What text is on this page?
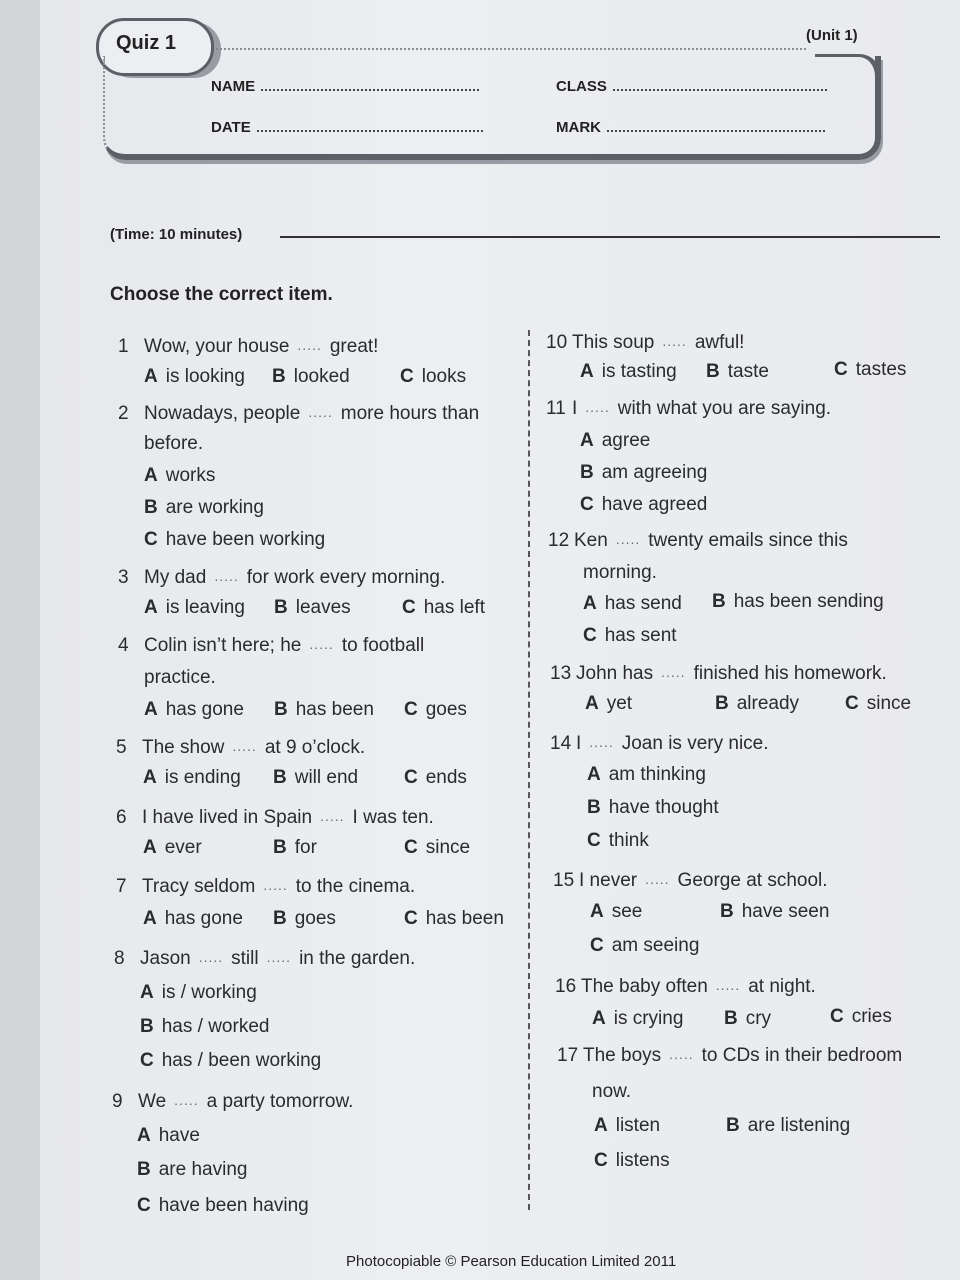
Quiz 1	(Unit 1)
NAME	CLASS
DATE	MARK
(Time: 10 minutes)
Choose the correct item.
1 Wow, your house ..... great!
A is looking B looked	C looks
2 Nowadays, people ..... more hours than
before.
A works
B are working
C have been working
3 My dad ..... for work every morning.
A is leaving B leaves	C has left
4 Colin isn’t here; he ..... to football
practice.
A has gone B has been C goes
5 The show ..... at 9 o’clock.
A is ending B will end C ends
6 I have lived in Spain ..... I was ten.
A ever	B for	C since
7 Tracy seldom ..... to the cinema.
A has gone B goes	C has been
8 Jason ..... still ..... in the garden.
A is / working
B has / worked
C has / been working
9 We ..... a party tomorrow.
A have
B are having
C have been having
10 This soup ..... awful!
A is tasting B taste	C tastes
11 I ..... with what you are saying.
A agree
B am agreeing
C have agreed
12 Ken ..... twenty emails since this
morning.
A has send B has been sending
C has sent
13 John has ..... finished his homework.
A yet	B already C since
14 I ..... Joan is very nice.
A am thinking
B have thought
C think
15 I never ..... George at school.
A see	B have seen
C am seeing
16 The baby often ..... at night.
A is crying B cry	C cries
17 The boys ..... to CDs in their bedroom
now.
A listen	B are listening
C listens
Photocopiable © Pearson Education Limited 2011
